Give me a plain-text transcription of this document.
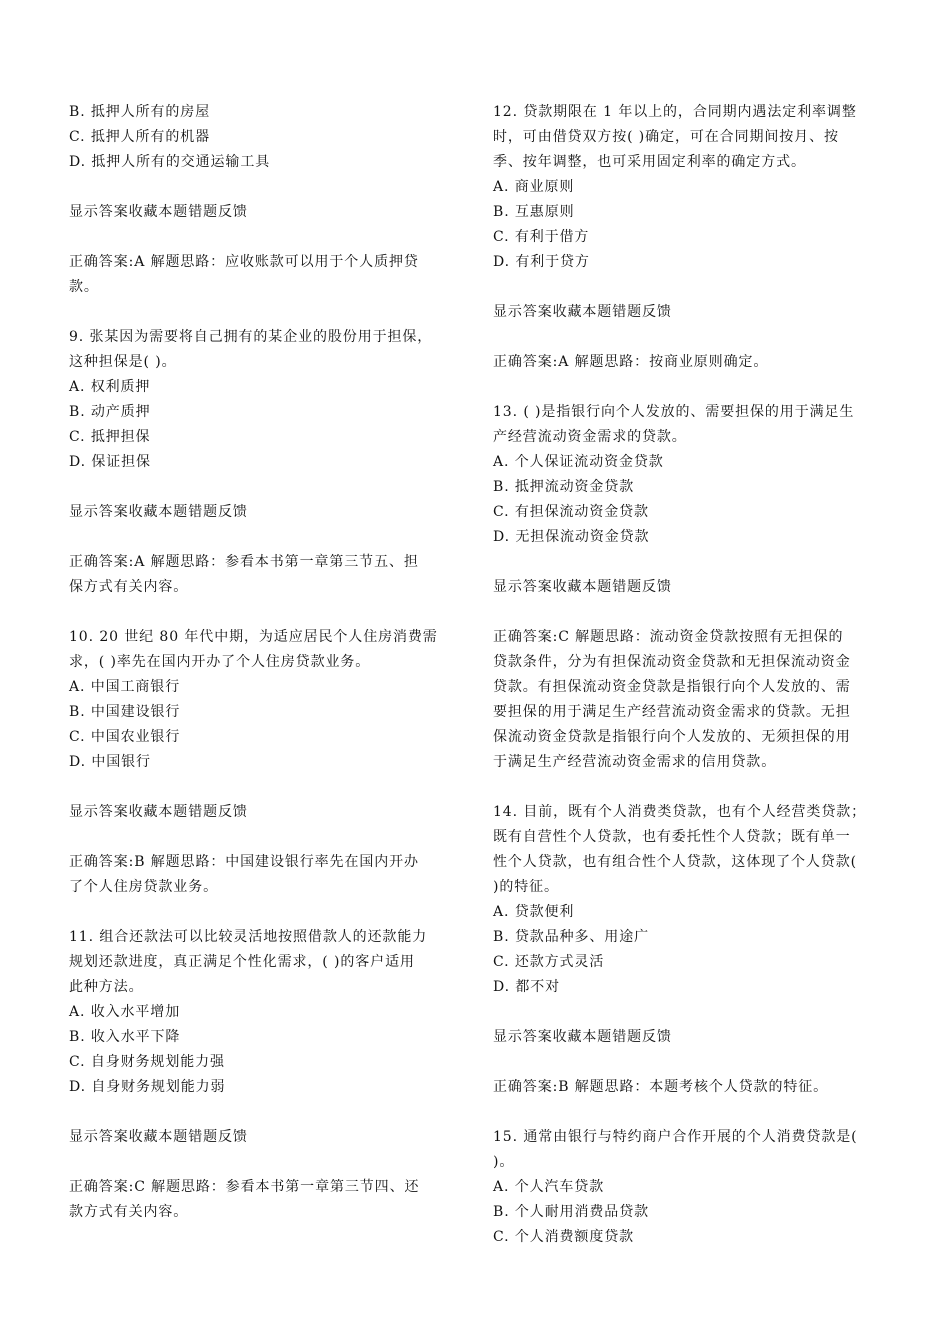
B. 抵押人所有的房屋
C. 抵押人所有的机器
D. 抵押人所有的交通运输工具
显示答案收藏本题错题反馈
正确答案:A 解题思路：应收账款可以用于个人质押贷
款。
9. 张某因为需要将自己拥有的某企业的股份用于担保，
这种担保是( )。
A. 权利质押
B. 动产质押
C. 抵押担保
D. 保证担保
显示答案收藏本题错题反馈
正确答案:A 解题思路：参看本书第一章第三节五、担
保方式有关内容。
10. 20 世纪 80 年代中期，为适应居民个人住房消费需
求，( )率先在国内开办了个人住房贷款业务。
A. 中国工商银行
B. 中国建设银行
C. 中国农业银行
D. 中国银行
显示答案收藏本题错题反馈
正确答案:B 解题思路：中国建设银行率先在国内开办
了个人住房贷款业务。
11. 组合还款法可以比较灵活地按照借款人的还款能力
规划还款进度，真正满足个性化需求，( )的客户适用
此种方法。
A. 收入水平增加
B. 收入水平下降
C. 自身财务规划能力强
D. 自身财务规划能力弱
显示答案收藏本题错题反馈
正确答案:C 解题思路：参看本书第一章第三节四、还
款方式有关内容。
12. 贷款期限在 1 年以上的，合同期内遇法定利率调整
时，可由借贷双方按( )确定，可在合同期间按月、按
季、按年调整，也可采用固定利率的确定方式。
A. 商业原则
B. 互惠原则
C. 有利于借方
D. 有利于贷方
显示答案收藏本题错题反馈
正确答案:A 解题思路：按商业原则确定。
13. ( )是指银行向个人发放的、需要担保的用于满足生
产经营流动资金需求的贷款。
A. 个人保证流动资金贷款
B. 抵押流动资金贷款
C. 有担保流动资金贷款
D. 无担保流动资金贷款
显示答案收藏本题错题反馈
正确答案:C 解题思路：流动资金贷款按照有无担保的
贷款条件，分为有担保流动资金贷款和无担保流动资金
贷款。有担保流动资金贷款是指银行向个人发放的、需
要担保的用于满足生产经营流动资金需求的贷款。无担
保流动资金贷款是指银行向个人发放的、无须担保的用
于满足生产经营流动资金需求的信用贷款。
14. 目前，既有个人消费类贷款，也有个人经营类贷款；
既有自营性个人贷款，也有委托性个人贷款；既有单一
性个人贷款，也有组合性个人贷款，这体现了个人贷款(
)的特征。
A. 贷款便利
B. 贷款品种多、用途广
C. 还款方式灵活
D. 都不对
显示答案收藏本题错题反馈
正确答案:B 解题思路：本题考核个人贷款的特征。
15. 通常由银行与特约商户合作开展的个人消费贷款是(
)。
A. 个人汽车贷款
B. 个人耐用消费品贷款
C. 个人消费额度贷款
